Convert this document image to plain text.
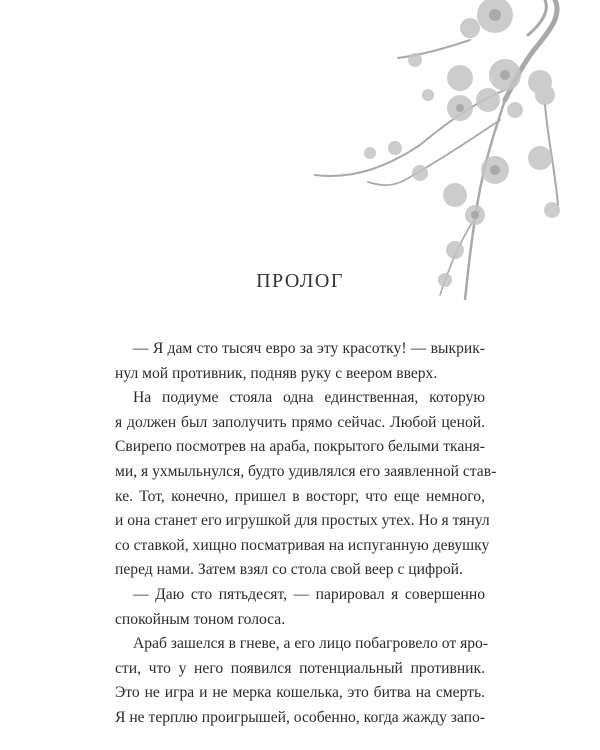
ПРОЛОГ
— Я дам сто тысяч евро за эту красотку! — выкрик-
нул мой противник, подняв руку с веером вверх.
На подиуме стояла одна единственная, которую
я должен был заполучить прямо сейчас. Любой ценой.
Свирепо посмотрев на араба, покрытого белыми тканя-
ми, я ухмыльнулся, будто удивлялся его заявленной став-
ке. Тот, конечно, пришел в восторг, что еще немного,
и она станет его игрушкой для простых утех. Но я тянул
со ставкой, хищно посматривая на испуганную девушку
перед нами. Затем взял со стола свой веер с цифрой.
— Даю сто пятьдесят, — парировал я совершенно
спокойным тоном голоса.
Араб зашелся в гневе, а его лицо побагровело от яро-
сти, что у него появился потенциальный противник.
Это не игра и не мерка кошелька, это битва на смерть.
Я не терплю проигрышей, особенно, когда жажду запо-
